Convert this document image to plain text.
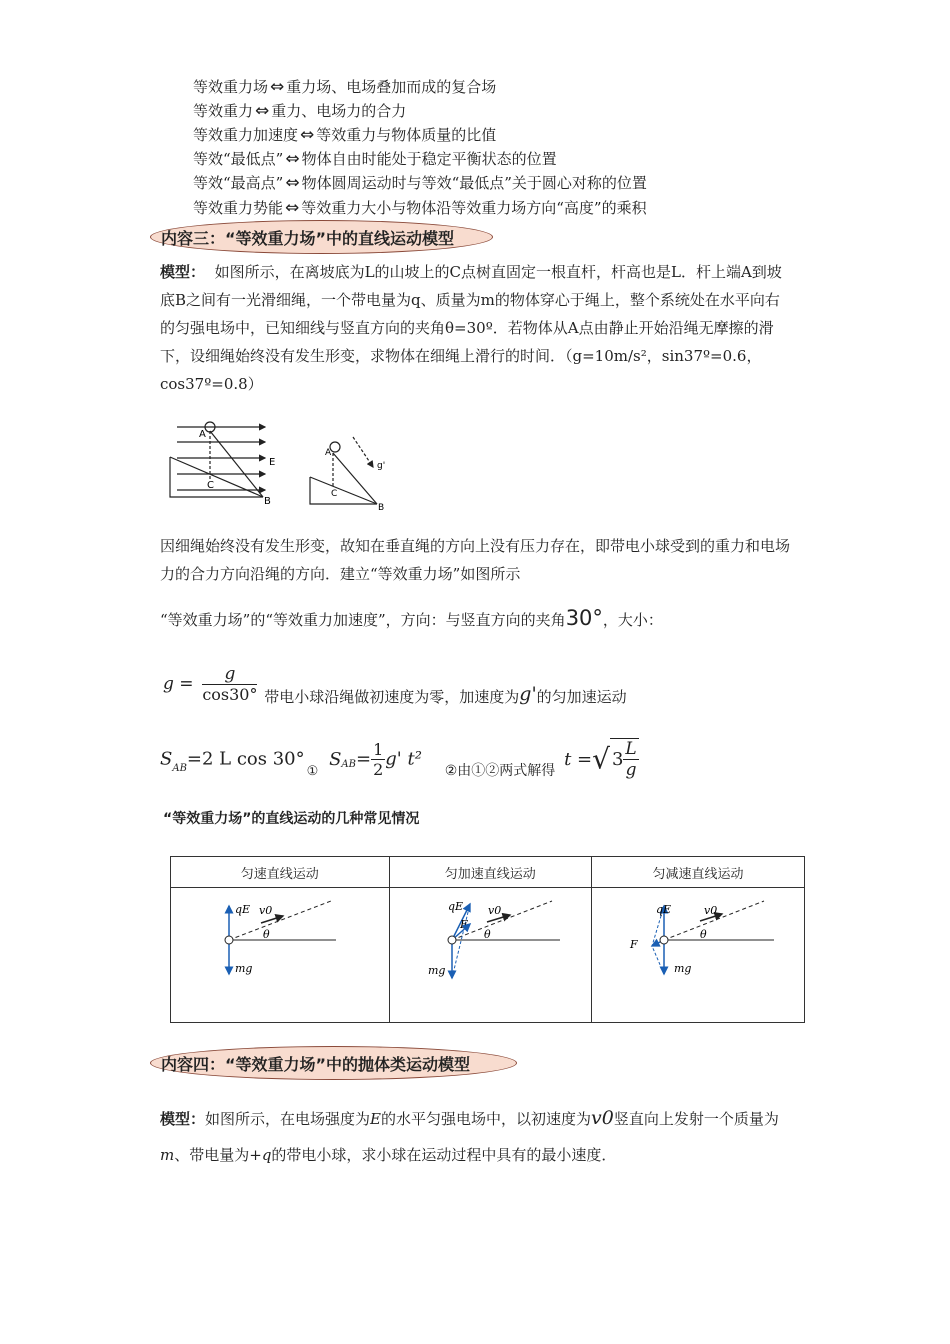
等效重力场 ⇔ 重力场、电场叠加而成的复合场
等效重力 ⇔ 重力、电场力的合力
等效重力加速度 ⇔ 等效重力与物体质量的比值
等效“最低点” ⇔ 物体自由时能处于稳定平衡状态的位置
等效“最高点” ⇔ 物体圆周运动时与等效“最低点”关于圆心对称的位置
等效重力势能 ⇔ 等效重力大小与物体沿等效重力场方向“高度”的乘积
内容三：“等效重力场”中的直线运动模型
模型： 如图所示，在离坡底为L的山坡上的C点树直固定一根直杆，杆高也是L．杆上端A到坡底B之间有一光滑细绳，一个带电量为q、质量为m的物体穿心于绳上，整个系统处在水平向右的匀强电场中，已知细线与竖直方向的夹角θ=30º．若物体从A点由静止开始沿绳无摩擦的滑下，设细绳始终没有发生形变，求物体在细绳上滑行的时间．（g=10m/s²，sin37º=0.6，cos37º=0.8）
A
C
E
B
A
C
B
g'
因细绳始终没有发生形变，故知在垂直绳的方向上没有压力存在，即带电小球受到的重力和电场力的合力方向沿绳的方向．建立“等效重力场”如图所示
“等效重力场”的“等效重力加速度”，方向：与竖直方向的夹角30°，大小：
$g = \frac{g}{\cos 30^\circ}$ 带电小球沿绳做初速度为零，加速度为g'的匀加速运动
$S_{AB}=2$ L cos 30°① $S_{AB}= \frac{1}{2} g'$ t² ②由①②两式解得 t =√ $3 \frac{L}{g}$
“等效重力场”的直线运动的几种常见情况
匀速直线运动	匀加速直线运动	匀减速直线运动

qE v0
θ
mg	qE v0
F
θ
mg	qE v0
F
θ
mg
内容四：“等效重力场”中的抛体类运动模型
模型：如图所示，在电场强度为E的水平匀强电场中，以初速度为v0竖直向上发射一个质量为m、带电量为+q的带电小球，求小球在运动过程中具有的最小速度．
